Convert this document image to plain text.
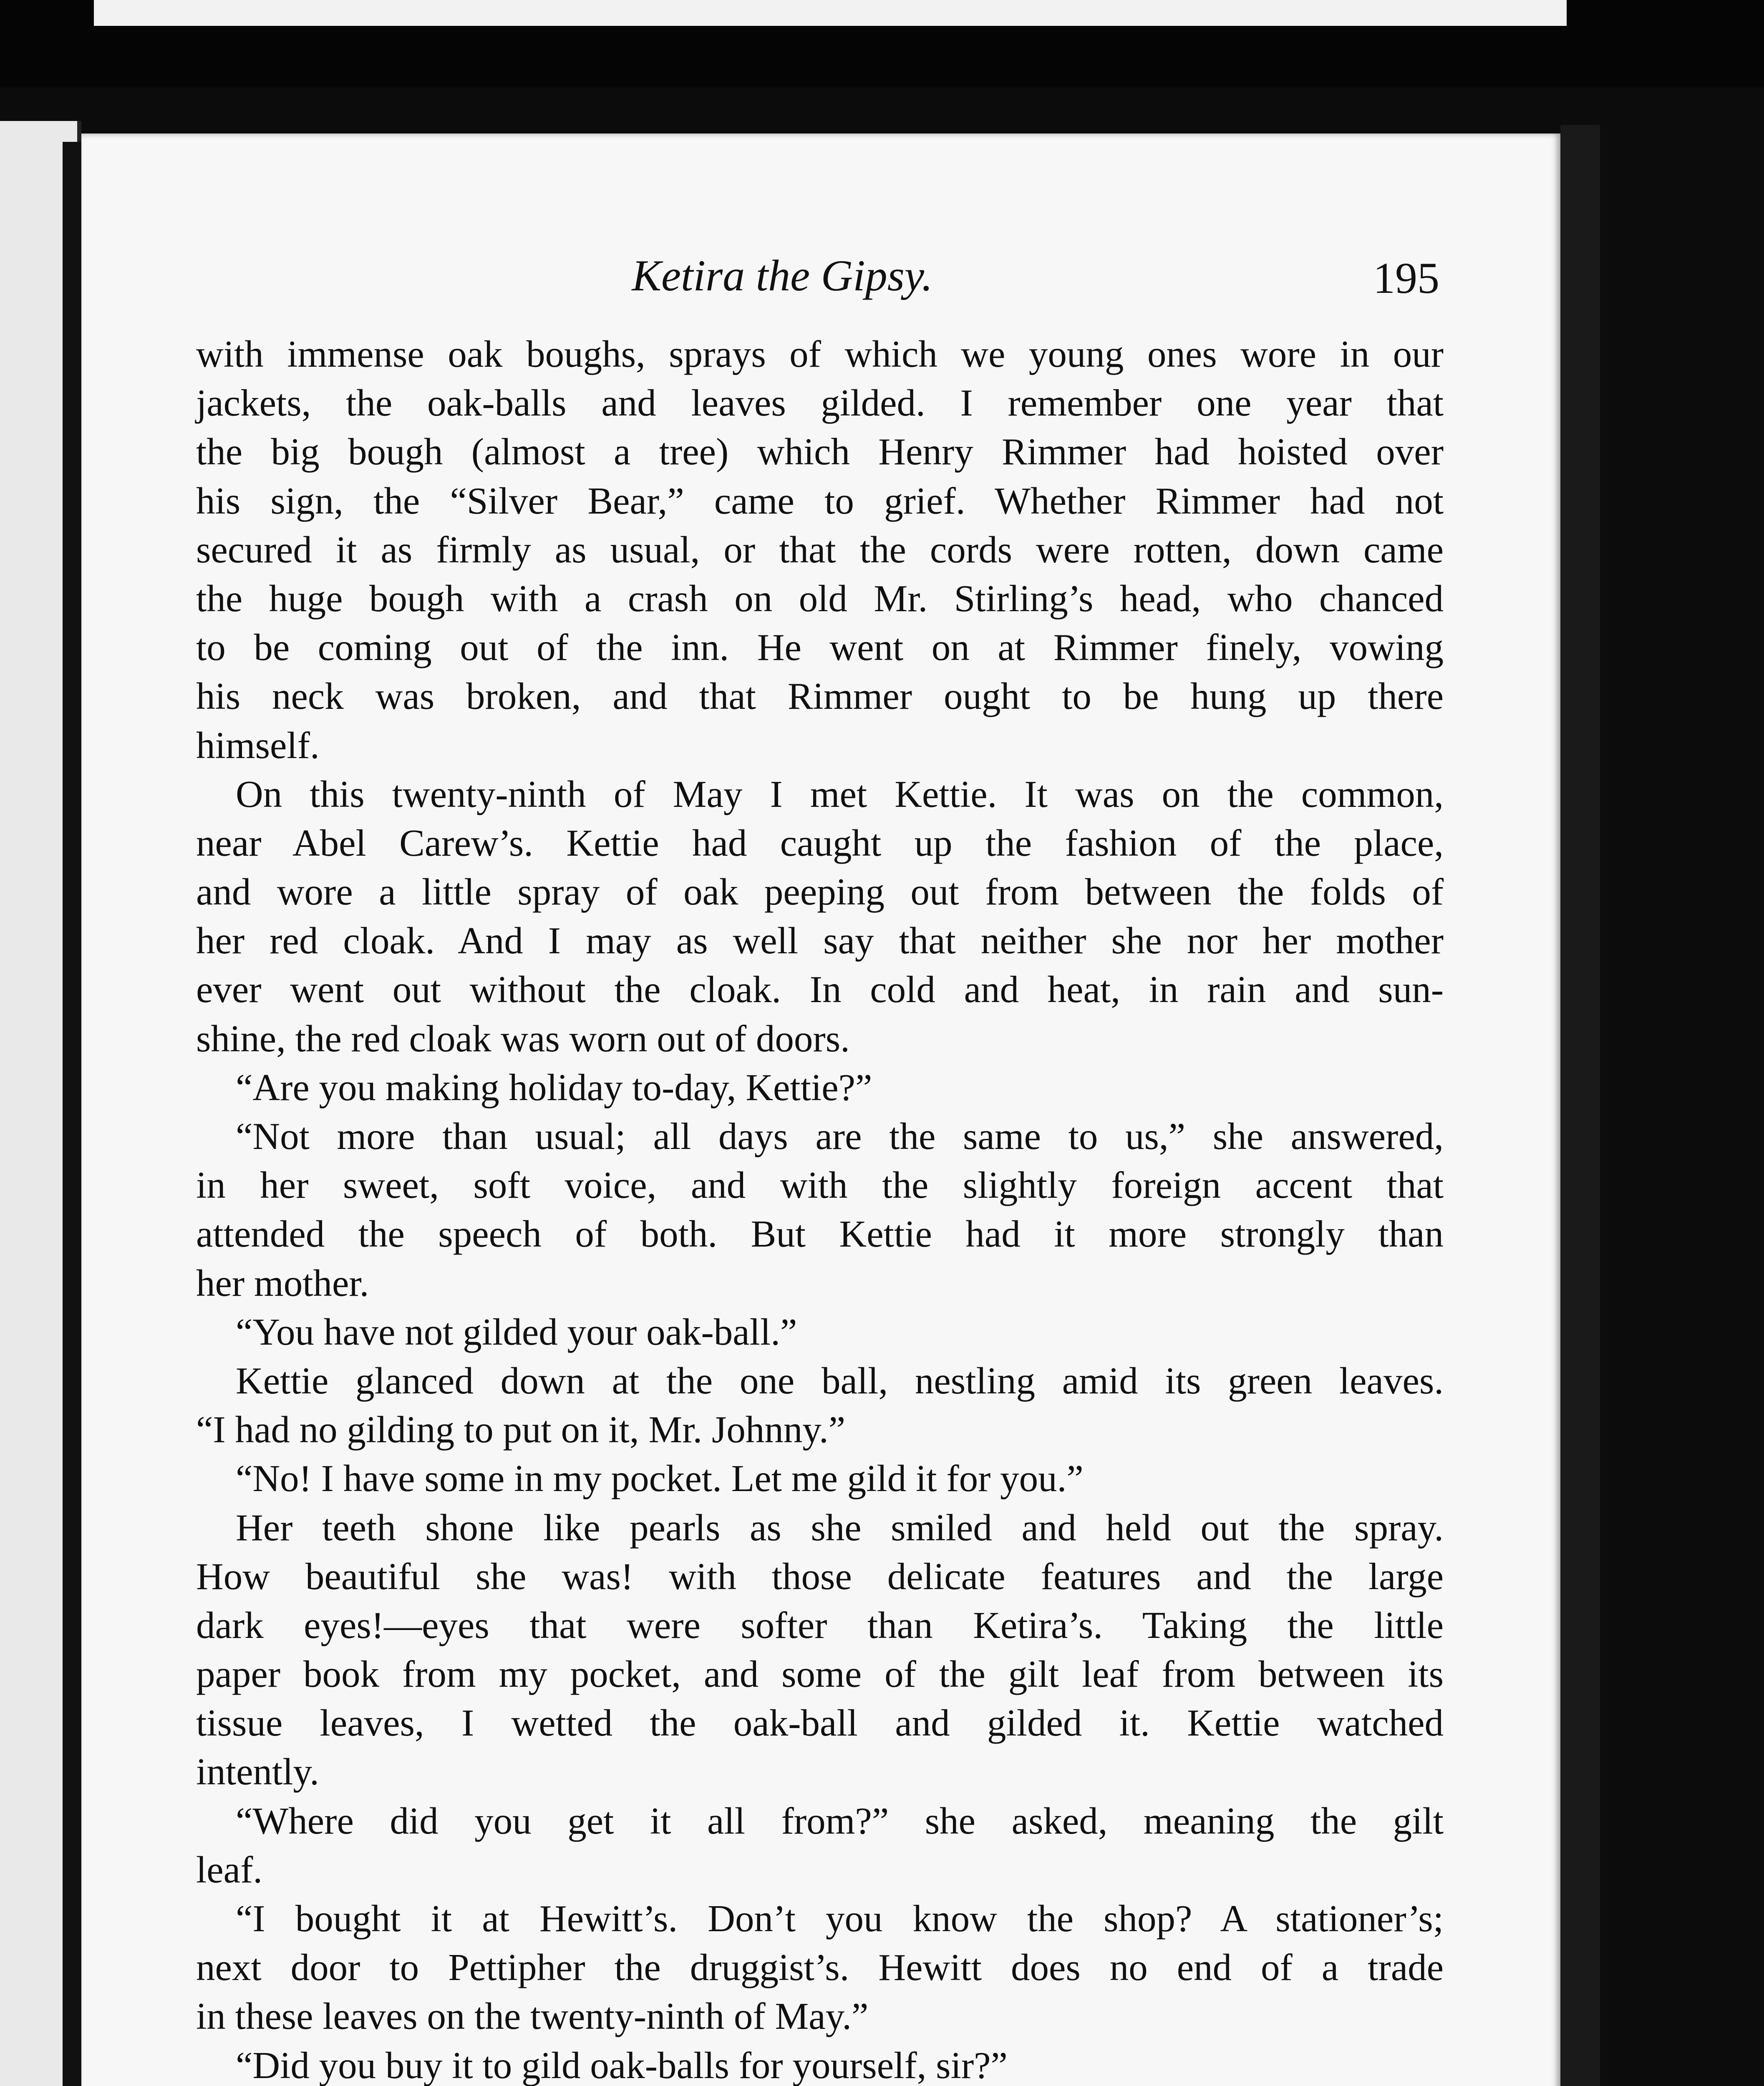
Ketira the Gipsy.	195
with immense oak boughs, sprays of which we young ones wore in our
jackets, the oak-balls and leaves gilded. I remember one year that
the big bough (almost a tree) which Henry Rimmer had hoisted over
his sign, the “Silver Bear,” came to grief. Whether Rimmer had not
secured it as firmly as usual, or that the cords were rotten, down came
the huge bough with a crash on old Mr. Stirling’s head, who chanced
to be coming out of the inn. He went on at Rimmer finely, vowing
his neck was broken, and that Rimmer ought to be hung up there
himself.
On this twenty-ninth of May I met Kettie. It was on the common,
near Abel Carew’s. Kettie had caught up the fashion of the place,
and wore a little spray of oak peeping out from between the folds of
her red cloak. And I may as well say that neither she nor her mother
ever went out without the cloak. In cold and heat, in rain and sun-
shine, the red cloak was worn out of doors.
“Are you making holiday to-day, Kettie?”
“Not more than usual; all days are the same to us,” she answered,
in her sweet, soft voice, and with the slightly foreign accent that
attended the speech of both. But Kettie had it more strongly than
her mother.
“You have not gilded your oak-ball.”
Kettie glanced down at the one ball, nestling amid its green leaves.
“I had no gilding to put on it, Mr. Johnny.”
“No! I have some in my pocket. Let me gild it for you.”
Her teeth shone like pearls as she smiled and held out the spray.
How beautiful she was! with those delicate features and the large
dark eyes!—eyes that were softer than Ketira’s. Taking the little
paper book from my pocket, and some of the gilt leaf from between its
tissue leaves, I wetted the oak-ball and gilded it. Kettie watched
intently.
“Where did you get it all from?” she asked, meaning the gilt
leaf.
“I bought it at Hewitt’s. Don’t you know the shop? A stationer’s;
next door to Pettipher the druggist’s. Hewitt does no end of a trade
in these leaves on the twenty-ninth of May.”
“Did you buy it to gild oak-balls for yourself, sir?”
